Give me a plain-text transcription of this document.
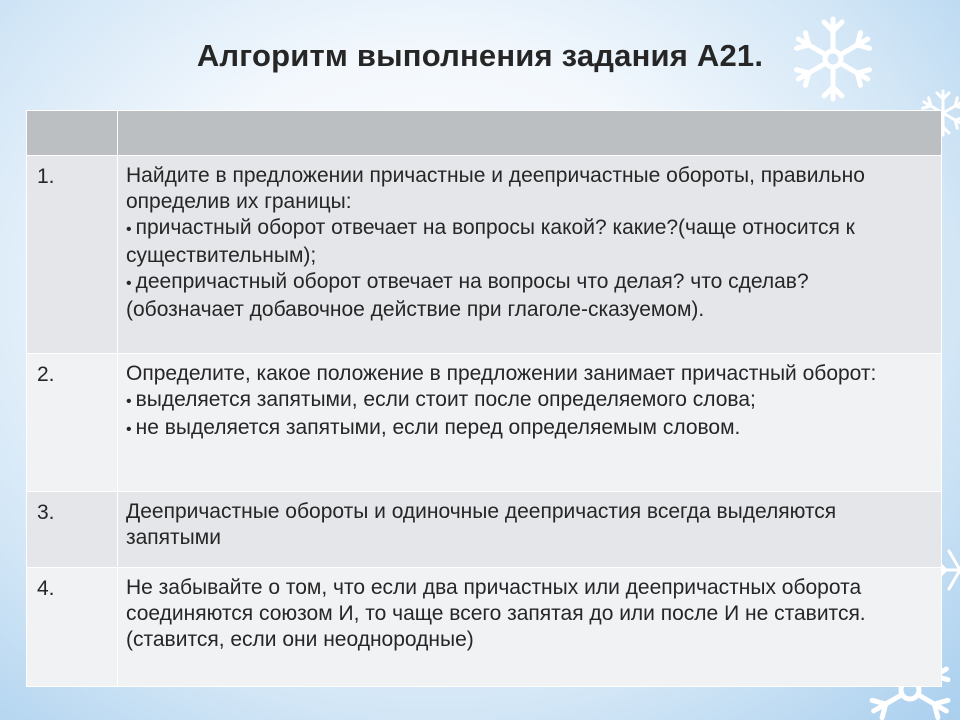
Алгоритм выполнения задания А21.

1.	Найдите в предложении причастные и деепричастные обороты, правильно определив их границы:
• причастный оборот отвечает на вопросы какой? какие?(чаще относится к существительным);
• деепричастный оборот отвечает на вопросы что делая? что сделав? (обозначает добавочное действие при глаголе-сказуемом).

2.	Определите, какое положение в предложении занимает причастный оборот:
• выделяется запятыми, если стоит после определяемого слова;
• не выделяется запятыми, если перед определяемым словом.

3.	Деепричастные обороты и одиночные деепричастия всегда выделяются запятыми
4.	Не забывайте о том, что если два причастных или деепричастных оборота соединяются союзом И, то чаще всего запятая до или после И не ставится. (ставится, если они неоднородные)
